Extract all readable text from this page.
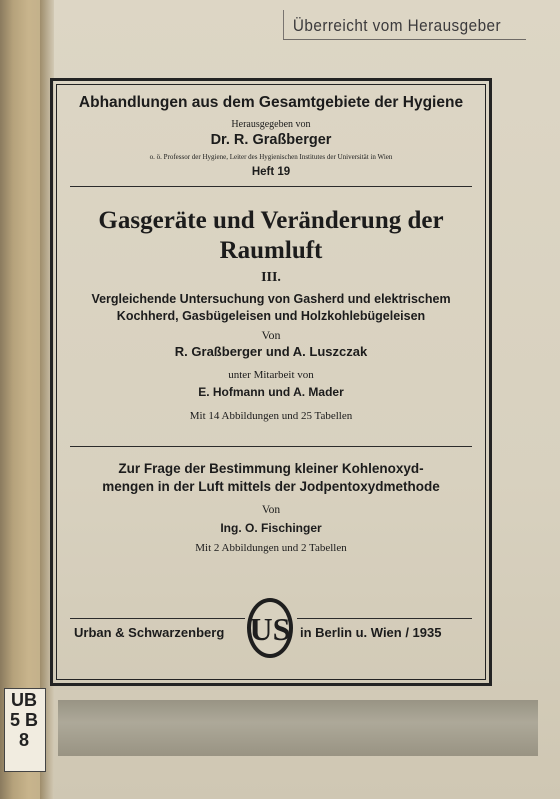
Überreicht vom Herausgeber
Abhandlungen aus dem Gesamtgebiete der Hygiene
Herausgegeben von
Dr. R. Graßberger
o. ö. Professor der Hygiene, Leiter des Hygienischen Institutes der Universität in Wien
Heft 19
Gasgeräte und Veränderung der
Raumluft
III.
Vergleichende Untersuchung von Gasherd und elektrischem
Kochherd, Gasbügeleisen und Holzkohlebügeleisen
Von
R. Graßberger und A. Luszczak
unter Mitarbeit von
E. Hofmann und A. Mader
Mit 14 Abbildungen und 25 Tabellen
Zur Frage der Bestimmung kleiner Kohlenoxyd-
mengen in der Luft mittels der Jodpentoxydmethode
Von
Ing. O. Fischinger
Mit 2 Abbildungen und 2 Tabellen
Urban & Schwarzenberg US in Berlin u. Wien / 1935
UB 5 B 8
